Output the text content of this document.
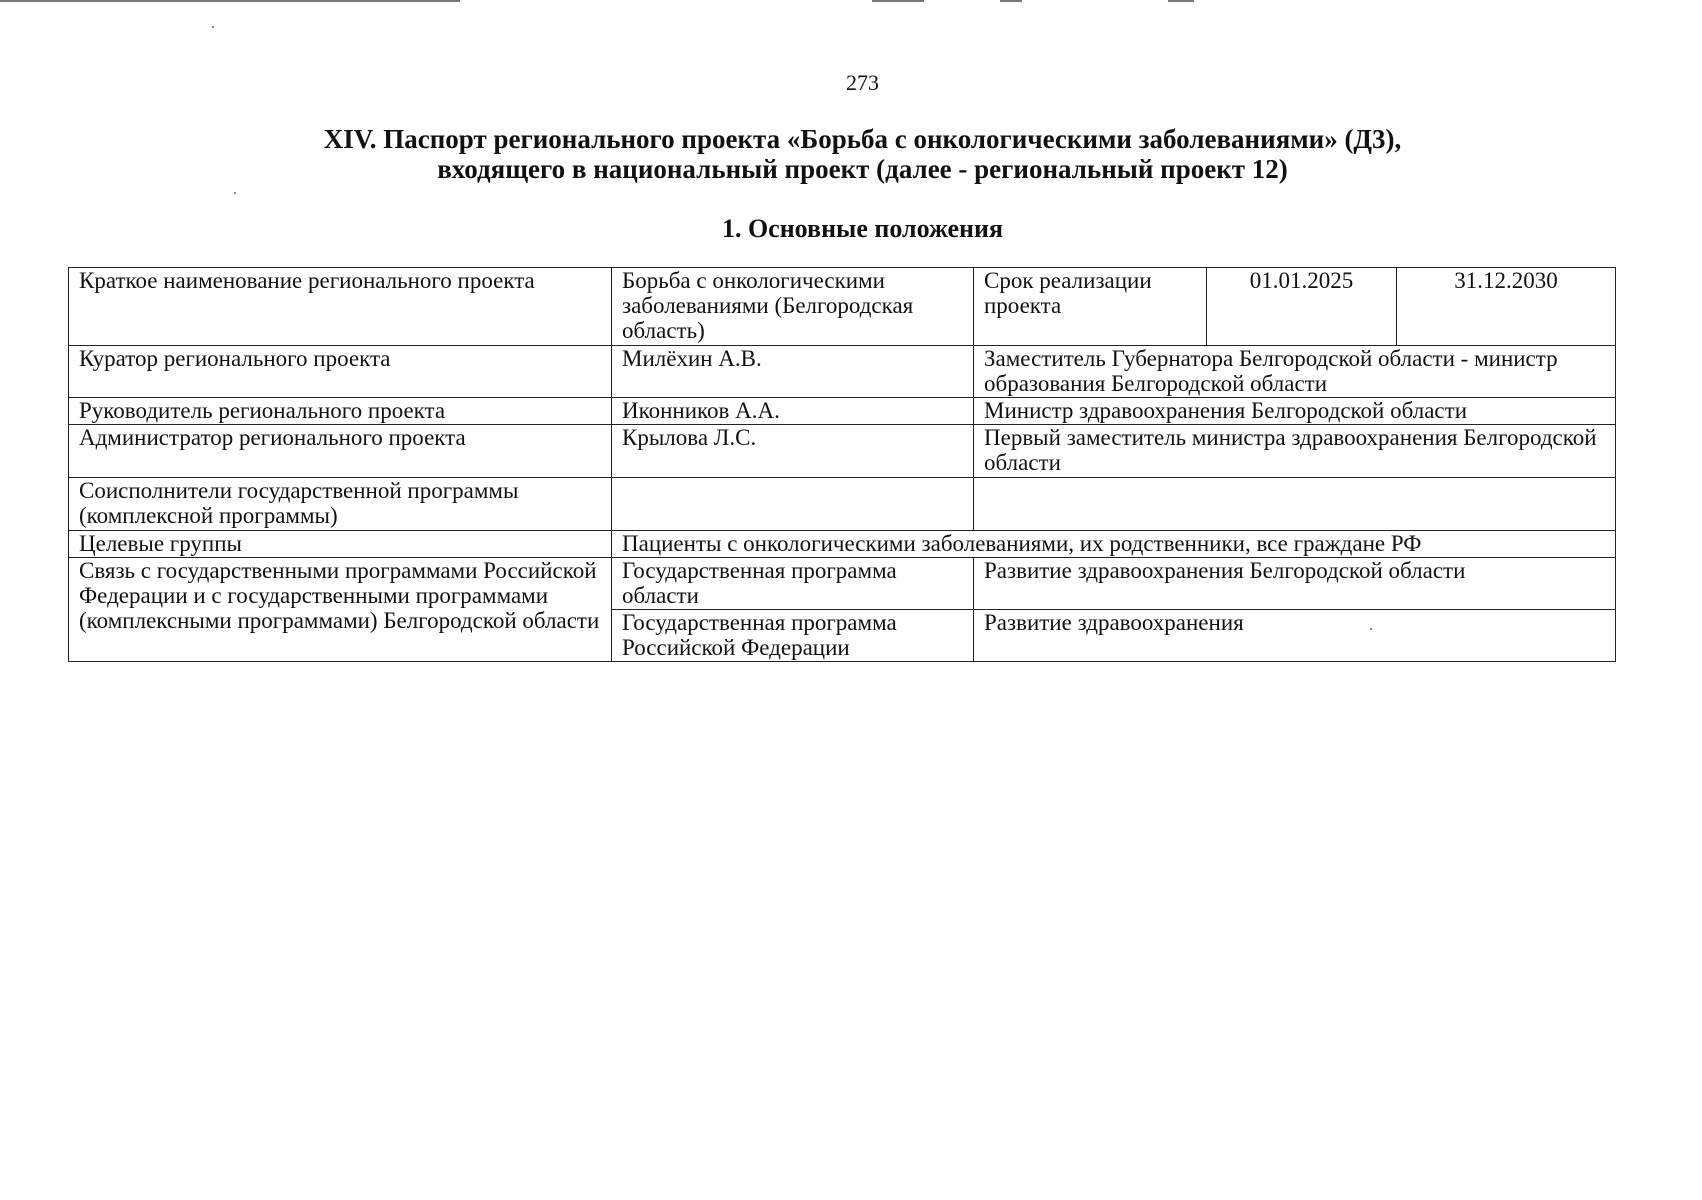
273
XIV. Паспорт регионального проекта «Борьба с онкологическими заболеваниями» (Д3),
входящего в национальный проект (далее - региональный проект 12)
1. Основные положения
Краткое наименование регионального проекта	Борьба с онкологическими заболеваниями (Белгородская область)	Срок реализации проекта	01.01.2025	31.12.2030
Куратор регионального проекта	Милёхин А.В.	Заместитель Губернатора Белгородской области - министр образования Белгородской области		
Руководитель регионального проекта	Иконников А.А.	Министр здравоохранения Белгородской области		
Администратор регионального проекта	Крылова Л.С.	Первый заместитель министра здравоохранения Белгородской области		
Соисполнители государственной программы (комплексной программы)				
Целевые группы	Пациенты с онкологическими заболеваниями, их родственники, все граждане РФ			
Связь с государственными программами Российской Федерации и с государственными программами (комплексными программами) Белгородской области	Государственная программа области	Развитие здравоохранения Белгородской области		
	Государственная программа Российской Федерации	Развитие здравоохранения		
